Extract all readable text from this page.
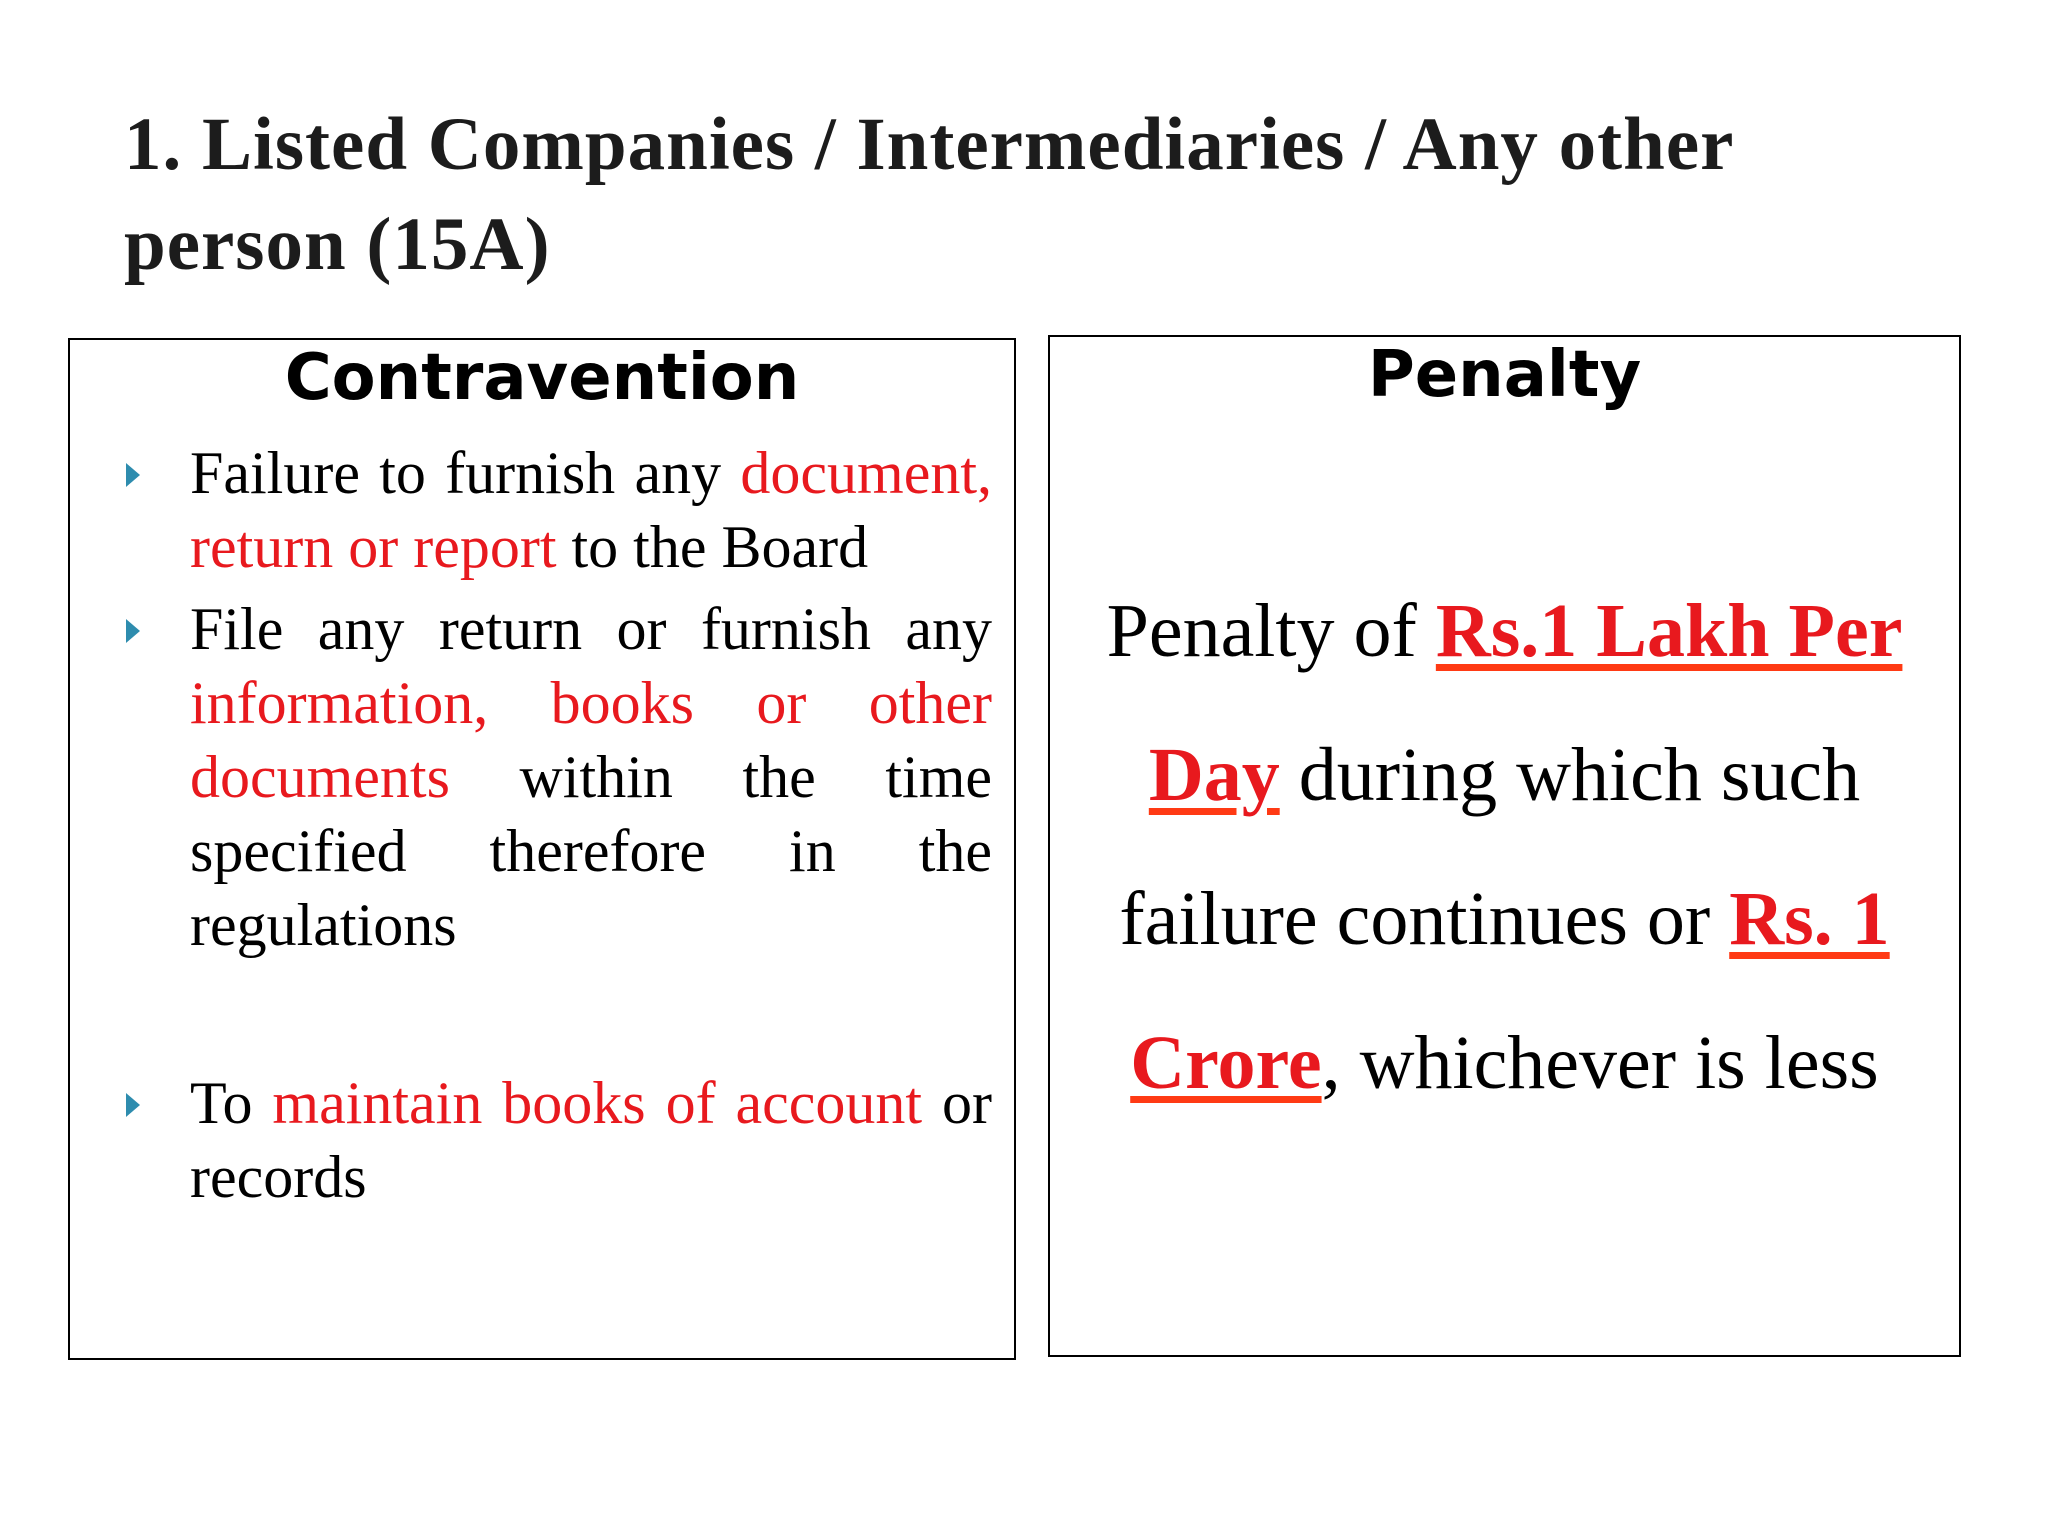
1. Listed Companies / Intermediaries / Any other person (15A)
Contravention
Failure to furnish any document, return or report to the Board
File any return or furnish any information, books or other documents within the time specified therefore in the regulations
To maintain books of account or records
Penalty

Penalty of Rs.1 Lakh Per Day during which such failure continues or Rs. 1 Crore, whichever is less
